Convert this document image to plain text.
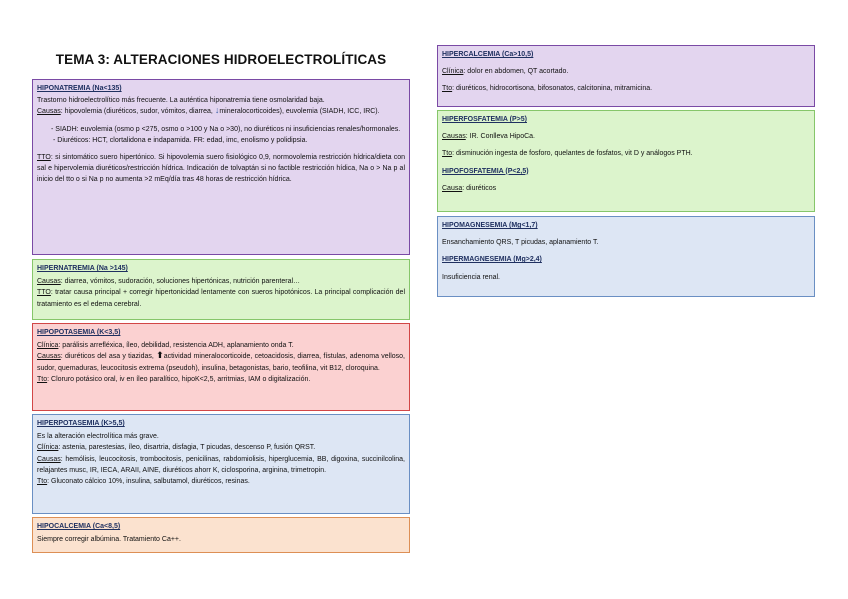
TEMA 3: ALTERACIONES HIDROELECTROLÍTICAS

HIPONATREMIA (Na<135)

Trastorno hidroelectrolítico más frecuente. La auténtica hiponatremia tiene osmolaridad baja.

Causas: hipovolemia (diuréticos, sudor, vómitos, diarrea, ↓mineralocorticoides), euvolemia (SIADH, ICC, IRC).

- SIADH: euvolemia (osmo p <275, osmo o >100 y Na o >30), no diuréticos ni insuficiencias renales/hormonales.

- Diuréticos: HCT, clortalidona e indapamida. FR: edad, imc, enolismo y polidipsia.

TTO: si sintomático suero hipertónico. Si hipovolemia suero fisiológico 0,9, normovolemia restricción hídrica/dieta con sal e hipervolemia diuréticos/restricción hídrica. Indicación de tolvaptán si no factible restricción hídica, Na o > Na p al inicio del tto o si Na p no aumenta >2 mEq/día tras 48 horas de restricción hídrica.

HIPERNATREMIA (Na >145)

Causas: diarrea, vómitos, sudoración, soluciones hipertónicas, nutrición parenteral…

TTO: tratar causa principal + corregir hipertonicidad lentamente con sueros hipotónicos. La principal complicación del tratamiento es el edema cerebral.

HIPOPOTASEMIA (K<3,5)

Clínica: parálisis arrefléxica, íleo, debilidad, resistencia ADH, aplanamiento onda T.

Causas: diuréticos del asa y tiazidas, ⬆actividad mineralocorticoide, cetoacidosis, diarrea, fístulas, adenoma velloso, sudor, quemaduras, leucocitosis extrema (pseudoh), insulina, betagonistas, bario, teofilina, vit B12, cloroquina.

Tto: Cloruro potásico oral, iv en íleo paralítico, hipoK<2,5, arritmias, IAM o digitalización.

HIPERPOTASEMIA (K>5,5)

Es la alteración electrolítica más grave.

Clínica: astenia, parestesias, íleo, disartria, disfagia, T picudas, descenso P, fusión QRST.

Causas: hemólisis, leucocitosis, trombocitosis, penicilinas, rabdomiolisis, hiperglucemia, BB, digoxina, succinilcolina, relajantes musc, IR, IECA, ARAII, AINE, diuréticos ahorr K, ciclosporina, arginina, trimetropin.

Tto: Gluconato cálcico 10%, insulina, salbutamol, diuréticos, resinas.

HIPOCALCEMIA (Ca<8,5)

Siempre corregir albúmina. Tratamiento Ca++.

HIPERCALCEMIA (Ca>10,5)

Clínica: dolor en abdomen, QT acortado.

Tto: diuréticos, hidrocortisona, bifosonatos, calcitonina, mitramicina.

HIPERFOSFATEMIA (P>5)

Causas: IR. Conlleva HipoCa.

Tto: disminución ingesta de fosforo, quelantes de fosfatos, vit D y análogos PTH.

HIPOFOSFATEMIA (P<2,5)

Causa: diuréticos

HIPOMAGNESEMIA (Mg<1,7)

Ensanchamiento QRS, T picudas, aplanamiento T.

HIPERMAGNESEMIA (Mg>2,4)

Insuficiencia renal.
